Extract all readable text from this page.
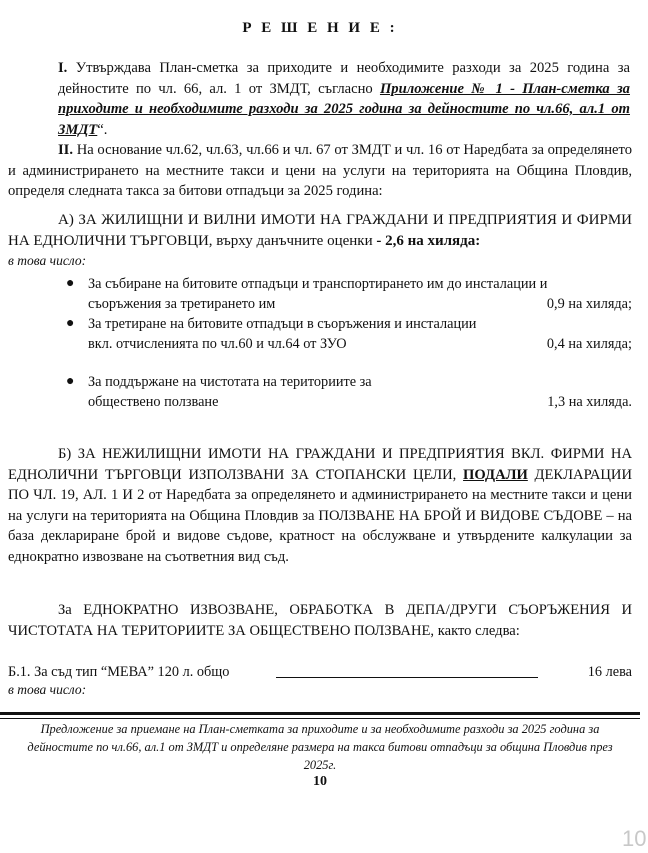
Р Е Ш Е Н И Е :
I. Утвърждава План-сметка за приходите и необходимите разходи за 2025 година за дейностите по чл. 66, ал. 1 от ЗМДТ, съгласно Приложение № 1 - План-сметка за приходите и необходимите разходи за 2025 година за дейностите по чл.66, ал.1 от ЗМДТ“.
II. На основание чл.62, чл.63, чл.66 и чл. 67 от ЗМДТ и чл. 16 от Наредбата за определянето и администрирането на местните такси и цени на услуги на територията на Община Пловдив, определя следната такса за битови отпадъци за 2025 година:
А) ЗА ЖИЛИЩНИ И ВИЛНИ ИМОТИ НА ГРАЖДАНИ И ПРЕДПРИЯТИЯ И ФИРМИ НА ЕДНОЛИЧНИ ТЪРГОВЦИ, върху данъчните оценки - 2,6 на хиляда:
в това число:
● За събиране на битовите отпадъци и транспортирането им до инсталации и
съоръжения за третирането им	0,9 на хиляда;
● За третиране на битовите отпадъци в съоръжения и инсталации
вкл. отчисленията по чл.60 и чл.64 от ЗУО	0,4 на хиляда;
● За поддържане на чистотата на териториите за
обществено ползване	1,3 на хиляда.
Б) ЗА НЕЖИЛИЩНИ ИМОТИ НА ГРАЖДАНИ И ПРЕДПРИЯТИЯ ВКЛ. ФИРМИ НА ЕДНОЛИЧНИ ТЪРГОВЦИ ИЗПОЛЗВАНИ ЗА СТОПАНСКИ ЦЕЛИ, ПОДАЛИ ДЕКЛАРАЦИИ ПО ЧЛ. 19, АЛ. 1 И 2 от Наредбата за определянето и администрирането на местните такси и цени на услуги на територията на Община Пловдив за ПОЛЗВАНЕ НА БРОЙ И ВИДОВЕ СЪДОВЕ – на база деклариране брой и видове съдове, кратност на обслужване и утвърдените калкулации за еднократно извозване на съответния вид съд.
За ЕДНОКРАТНО ИЗВОЗВАНЕ, ОБРАБОТКА В ДЕПА/ДРУГИ СЪОРЪЖЕНИЯ И ЧИСТОТАТА НА ТЕРИТОРИИТЕ ЗА ОБЩЕСТВЕНО ПОЛЗВАНЕ, както следва:
Б.1. За съд тип “МЕВА” 120 л. общо	16 лева
в това число:
Предложение за приемане на План-сметката за приходите и за необходимите разходи за 2025 година за дейностите по чл.66, ал.1 от ЗМДТ и определяне размера на такса битови отпадъци за община Пловдив през 2025г.
10
10
